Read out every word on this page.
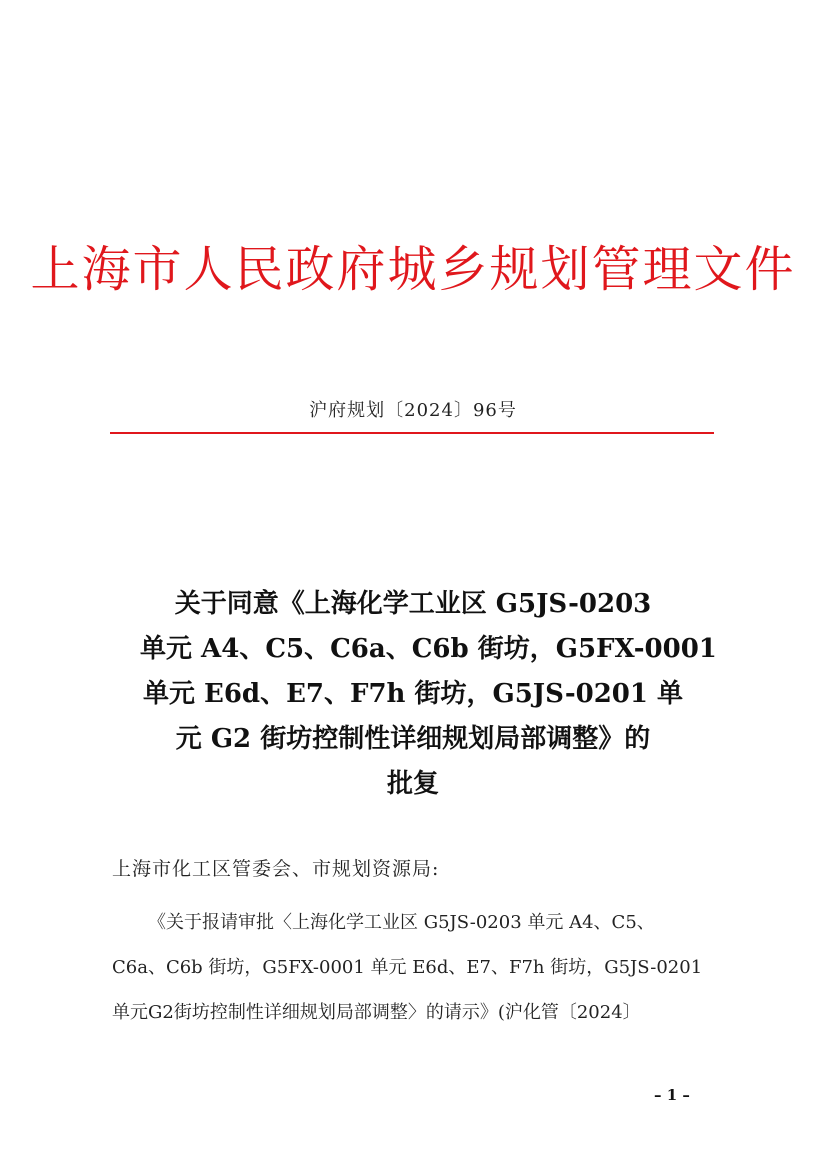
上海市人民政府城乡规划管理文件
沪府规划〔2024〕96号
关于同意《上海化学工业区 G5JS-0203
单元 A4、C5、C6a、C6b 街坊，G5FX-0001
单元 E6d、E7、F7h 街坊，G5JS-0201 单
元 G2 街坊控制性详细规划局部调整》的
批复
上海市化工区管委会、市规划资源局:
《关于报请审批〈上海化学工业区 G5JS-0203 单元 A4、C5、
C6a、C6b 街坊，G5FX-0001 单元 E6d、E7、F7h 街坊，G5JS-0201
单元G2街坊控制性详细规划局部调整〉的请示》(沪化管〔2024〕
– 1 –
